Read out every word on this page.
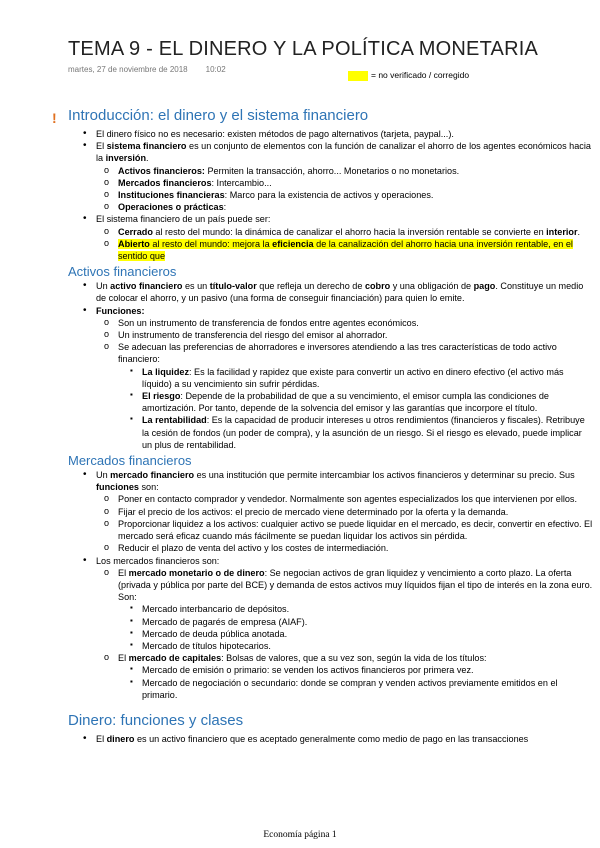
TEMA 9 - EL DINERO Y LA POLÍTICA MONETARIA
martes, 27 de noviembre de 2018 10:02
= no verificado / corregido
! Introducción: el dinero y el sistema financiero
• El dinero físico no es necesario: existen métodos de pago alternativos (tarjeta, paypal...).
• El sistema financiero es un conjunto de elementos con la función de canalizar el ahorro de los agentes económicos hacia la inversión.
o Activos financieros: Permiten la transacción, ahorro... Monetarios o no monetarios.
o Mercados financieros: Intercambio...
o Instituciones financieras: Marco para la existencia de activos y operaciones.
o Operaciones o prácticas:
• El sistema financiero de un país puede ser:
o Cerrado al resto del mundo: la dinámica de canalizar el ahorro hacia la inversión rentable se convierte en interior.
o Abierto al resto del mundo: mejora la eficiencia de la canalización del ahorro hacia una inversión rentable, en el sentido que
Activos financieros
• Un activo financiero es un título-valor que refleja un derecho de cobro y una obligación de pago. Constituye un medio de colocar el ahorro, y un pasivo (una forma de conseguir financiación) para quien lo emite.
• Funciones:
o Son un instrumento de transferencia de fondos entre agentes económicos.
o Un instrumento de transferencia del riesgo del emisor al ahorrador.
o Se adecuan las preferencias de ahorradores e inversores atendiendo a las tres características de todo activo financiero:
▪ La liquidez: Es la facilidad y rapidez que existe para convertir un activo en dinero efectivo (el activo más líquido) a su vencimiento sin sufrir pérdidas.
▪ El riesgo: Depende de la probabilidad de que a su vencimiento, el emisor cumpla las condiciones de amortización. Por tanto, depende de la solvencia del emisor y las garantías que incorpore el título.
▪ La rentabilidad: Es la capacidad de producir intereses u otros rendimientos (financieros y fiscales). Retribuye la cesión de fondos (un poder de compra), y la asunción de un riesgo. Si el riesgo es elevado, puede implicar un plus de rentabilidad.
Mercados financieros
• Un mercado financiero es una institución que permite intercambiar los activos financieros y determinar su precio. Sus funciones son:
o Poner en contacto comprador y vendedor. Normalmente son agentes especializados los que intervienen por ellos.
o Fijar el precio de los activos: el precio de mercado viene determinado por la oferta y la demanda.
o Proporcionar liquidez a los activos: cualquier activo se puede liquidar en el mercado, es decir, convertir en efectivo. El mercado será eficaz cuando más fácilmente se puedan liquidar los activos sin pérdida.
o Reducir el plazo de venta del activo y los costes de intermediación.
• Los mercados financieros son:
o El mercado monetario o de dinero: Se negocian activos de gran liquidez y vencimiento a corto plazo. La oferta (privada y pública por parte del BCE) y demanda de estos activos muy líquidos fijan el tipo de interés en la zona euro. Son:
▪ Mercado interbancario de depósitos.
▪ Mercado de pagarés de empresa (AIAF).
▪ Mercado de deuda pública anotada.
▪ Mercado de títulos hipotecarios.
o El mercado de capitales: Bolsas de valores, que a su vez son, según la vida de los títulos:
▪ Mercado de emisión o primario: se venden los activos financieros por primera vez.
▪ Mercado de negociación o secundario: donde se compran y venden activos previamente emitidos en el primario.
Dinero: funciones y clases
• El dinero es un activo financiero que es aceptado generalmente como medio de pago en las transacciones
Economía página 1
